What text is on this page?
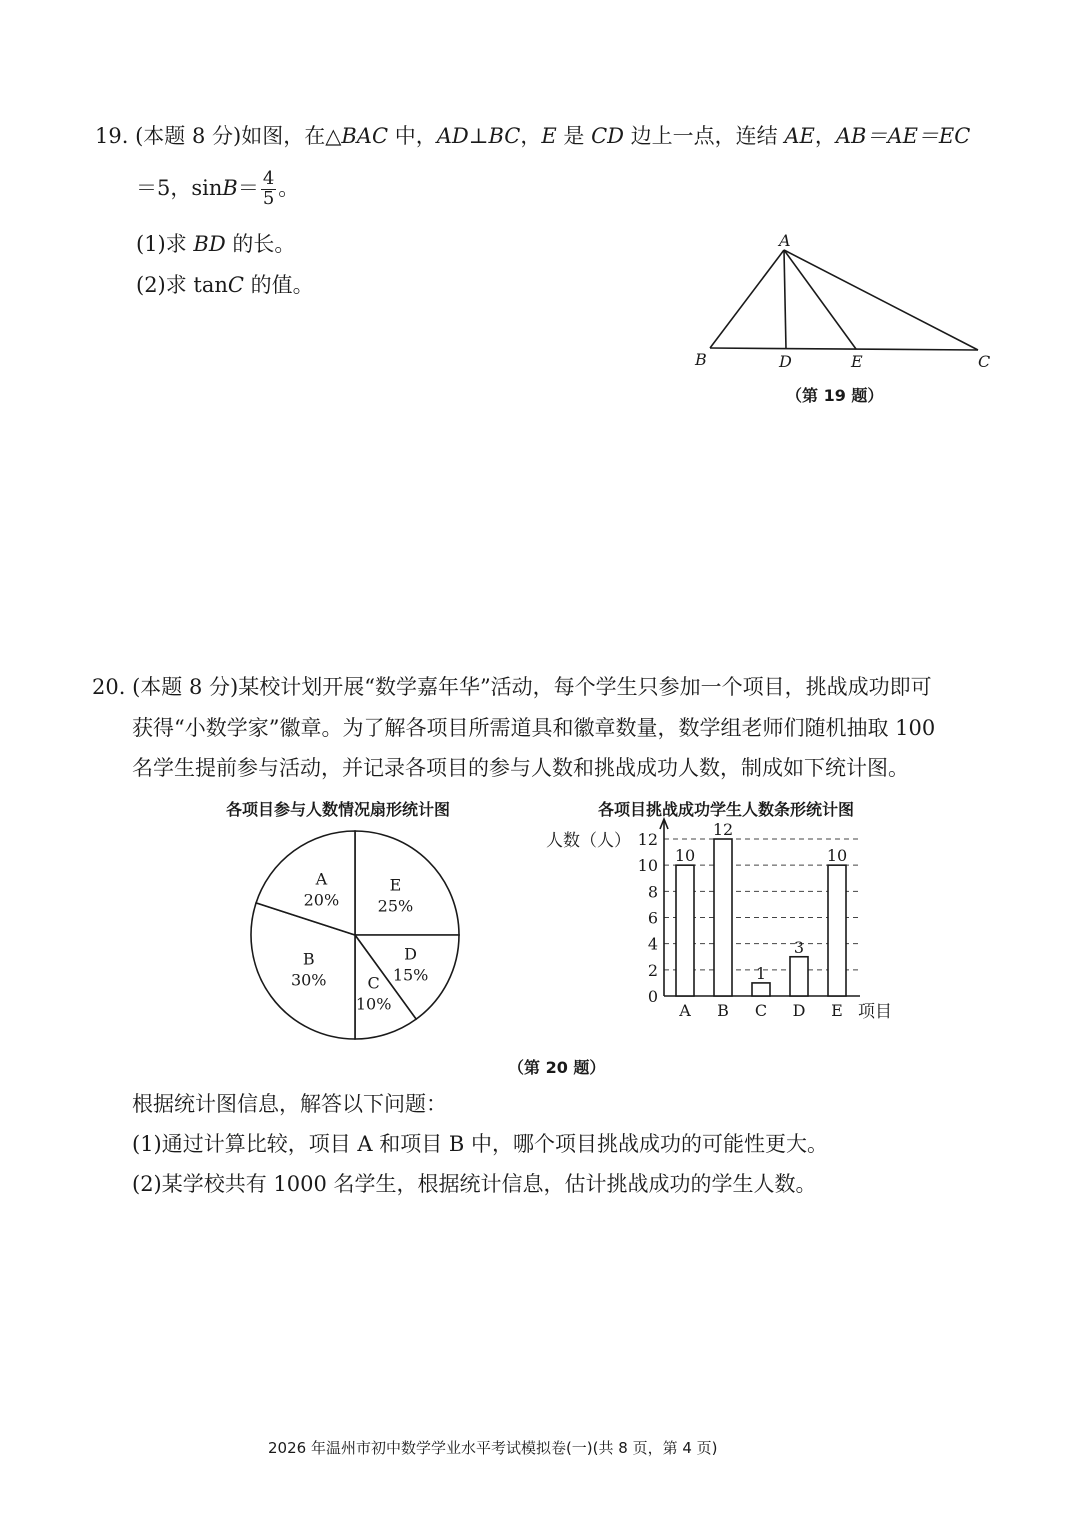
19. (本题 8 分)如图，在△BAC 中，AD⊥BC，E 是 CD 边上一点，连结 AE，AB＝AE＝EC
＝5，$\sin B= \frac{4}{5}$ 。
(1)求 BD 的长。
(2)求 tanC 的值。
A
B	D	E	C
（第 19 题）
20. (本题 8 分)某校计划开展“数学嘉年华”活动，每个学生只参加一个项目，挑战成功即可
获得“小数学家”徽章。为了解各项目所需道具和徽章数量，数学组老师们随机抽取 100
名学生提前参与活动，并记录各项目的参与人数和挑战成功人数，制成如下统计图。
各项目参与人数情况扇形统计图	各项目挑战成功学生人数条形统计图
E
25%
D
15%
C
10%
B
30%
A
20%
0
2
4
6
8
10
12
人数（人）
10
A
12
B
1
C
3
D
10
E 项目
（第 20 题）
根据统计图信息，解答以下问题：
(1)通过计算比较，项目 A 和项目 B 中，哪个项目挑战成功的可能性更大。
(2)某学校共有 1000 名学生，根据统计信息，估计挑战成功的学生人数。
2026 年温州市初中数学学业水平考试模拟卷(一)(共 8 页，第 4 页)
